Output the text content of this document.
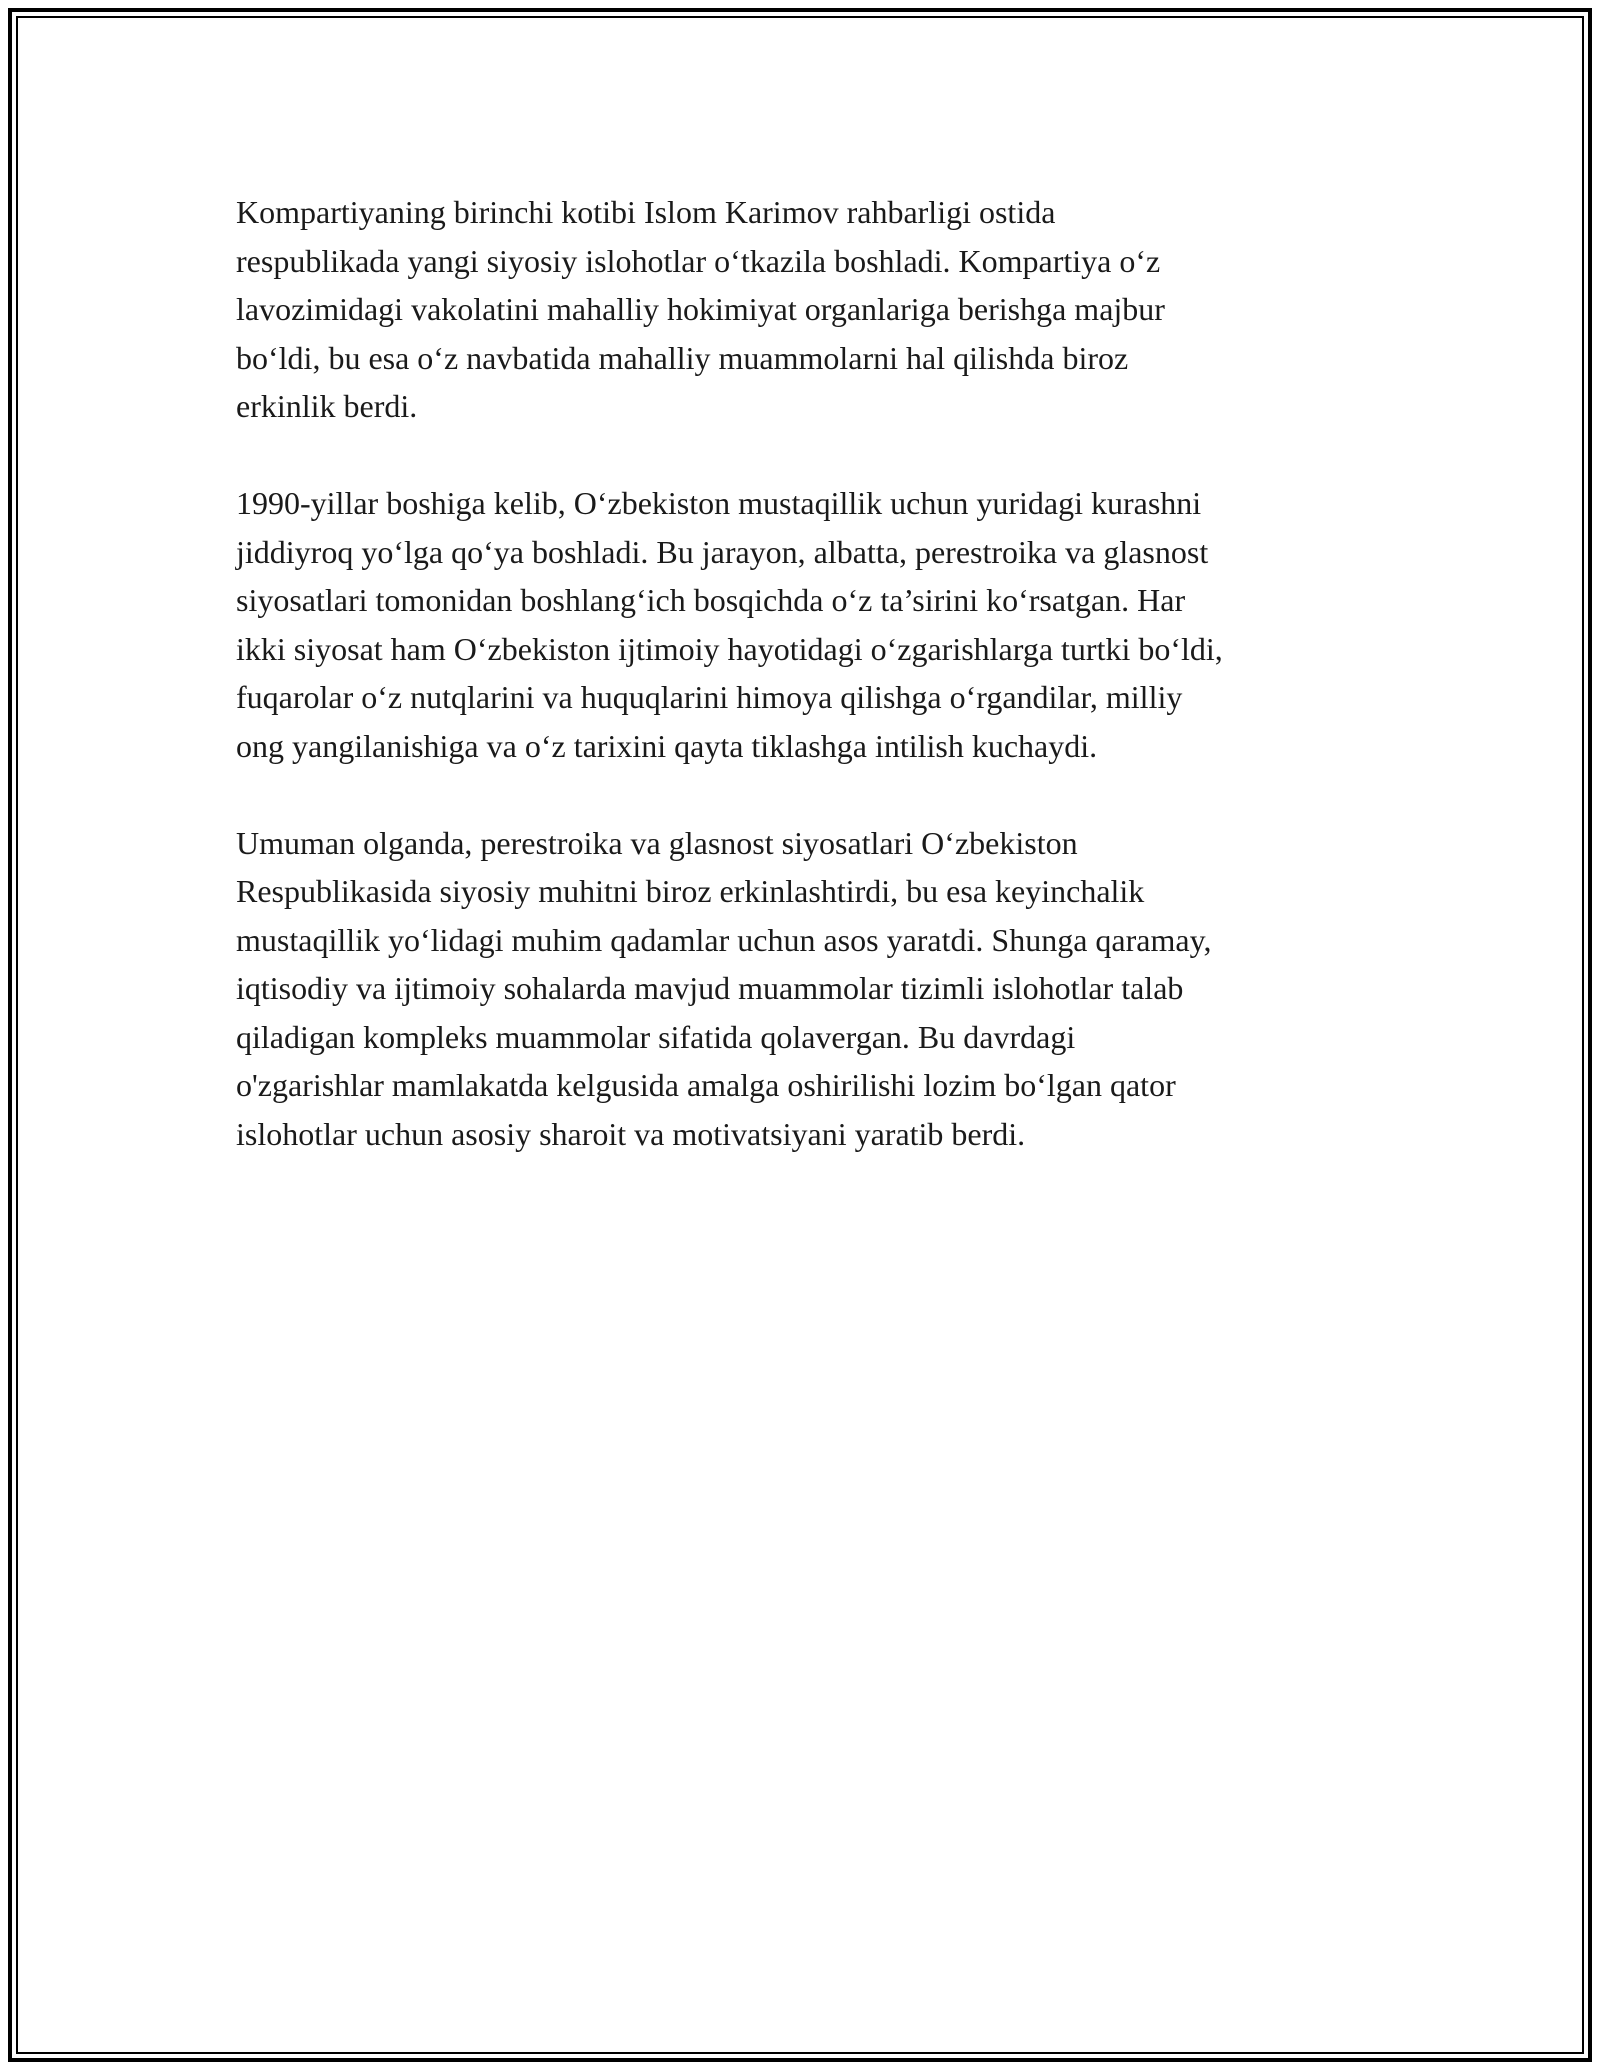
Kompartiyaning birinchi kotibi Islom Karimov rahbarligi ostida
respublikada yangi siyosiy islohotlar o‘tkazila boshladi. Kompartiya o‘z
lavozimidagi vakolatini mahalliy hokimiyat organlariga berishga majbur
bo‘ldi, bu esa o‘z navbatida mahalliy muammolarni hal qilishda biroz
erkinlik berdi.

1990-yillar boshiga kelib, O‘zbekiston mustaqillik uchun yuridagi kurashni
jiddiyroq yo‘lga qo‘ya boshladi. Bu jarayon, albatta, perestroika va glasnost
siyosatlari tomonidan boshlang‘ich bosqichda o‘z ta’sirini ko‘rsatgan. Har
ikki siyosat ham O‘zbekiston ijtimoiy hayotidagi o‘zgarishlarga turtki bo‘ldi,
fuqarolar o‘z nutqlarini va huquqlarini himoya qilishga o‘rgandilar, milliy
ong yangilanishiga va o‘z tarixini qayta tiklashga intilish kuchaydi.

Umuman olganda, perestroika va glasnost siyosatlari O‘zbekiston
Respublikasida siyosiy muhitni biroz erkinlashtirdi, bu esa keyinchalik
mustaqillik yo‘lidagi muhim qadamlar uchun asos yaratdi. Shunga qaramay,
iqtisodiy va ijtimoiy sohalarda mavjud muammolar tizimli islohotlar talab
qiladigan kompleks muammolar sifatida qolavergan. Bu davrdagi
o'zgarishlar mamlakatda kelgusida amalga oshirilishi lozim bo‘lgan qator
islohotlar uchun asosiy sharoit va motivatsiyani yaratib berdi.
